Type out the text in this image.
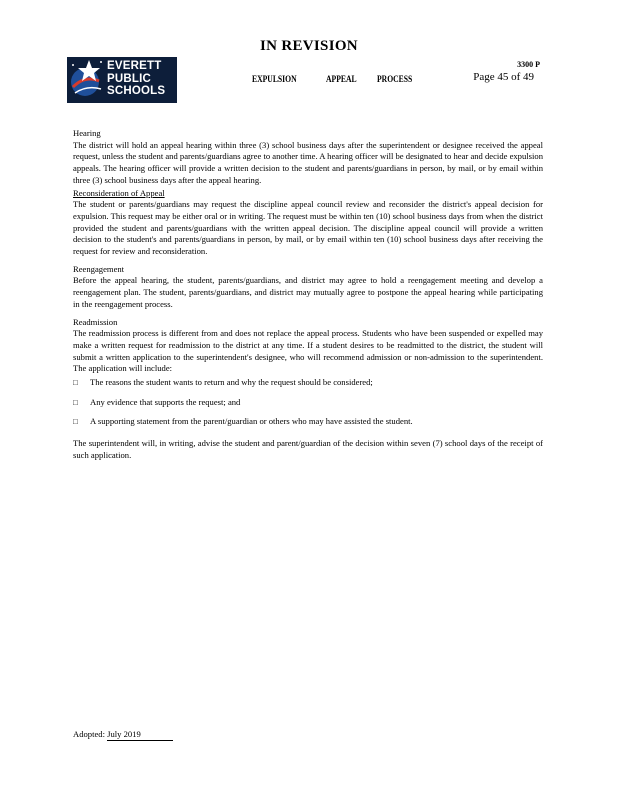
IN REVISION
EVERETT
PUBLIC
SCHOOLS
EXPULSION	APPEAL PROCESS
3300 P
Page 45 of 49
Hearing

The district will hold an appeal hearing within three (3) school business days after the superintendent or designee received the appeal request, unless the student and parents/guardians agree to another time. A hearing officer will be designated to hear and decide expulsion appeals. The hearing officer will provide a written decision to the student and parents/guardians in person, by mail, or by email within three (3) school business days after the appeal hearing.

Reconsideration of Appeal

The student or parents/guardians may request the discipline appeal council review and reconsider the district's appeal decision for expulsion. This request may be either oral or in writing. The request must be within ten (10) school business days from when the district provided the student and parents/guardians with the written appeal decision. The discipline appeal council will provide a written decision to the student's and parents/guardians in person, by mail, or by email within ten (10) school business days after receiving the request for review and reconsideration.

Reengagement

Before the appeal hearing, the student, parents/guardians, and district may agree to hold a reengagement meeting and develop a reengagement plan. The student, parents/guardians, and district may mutually agree to postpone the appeal hearing while participating in the reengagement process.

Readmission

The readmission process is different from and does not replace the appeal process. Students who have been suspended or expelled may make a written request for readmission to the district at any time. If a student desires to be readmitted to the district, the student will submit a written application to the superintendent's designee, who will recommend admission or non-admission to the superintendent. The application will include:

□ The reasons the student wants to return and why the request should be considered;
□ Any evidence that supports the request; and
□ A supporting statement from the parent/guardian or others who may have assisted the student.

The superintendent will, in writing, advise the student and parent/guardian of the decision within seven (7) school days of the receipt of such application.

Adopted: July 2019
